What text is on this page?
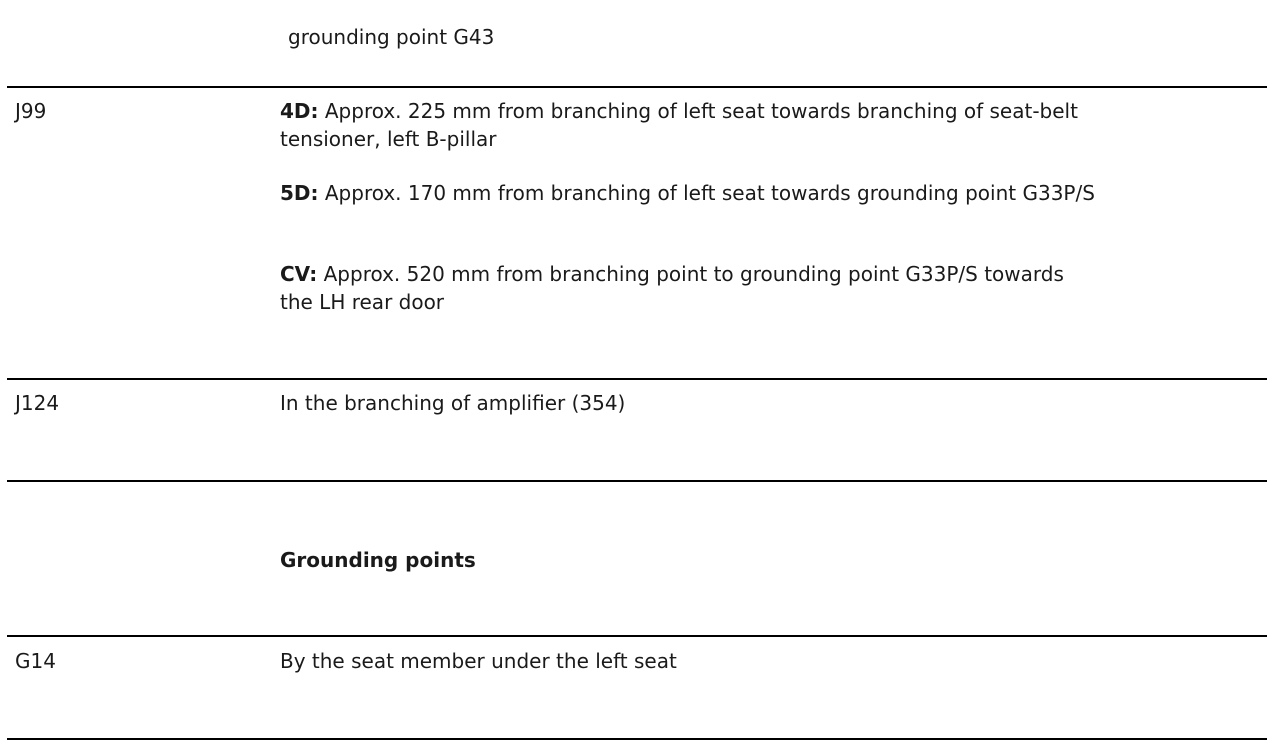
grounding point G43
J99	4D: Approx. 225 mm from branching of left seat towards branching of seat-belt tensioner, left B-pillar
5D: Approx. 170 mm from branching of left seat towards grounding point G33P/S
CV: Approx. 520 mm from branching point to grounding point G33P/S towards the LH rear door
J124	In the branching of amplifier (354)
Grounding points
G14	By the seat member under the left seat
